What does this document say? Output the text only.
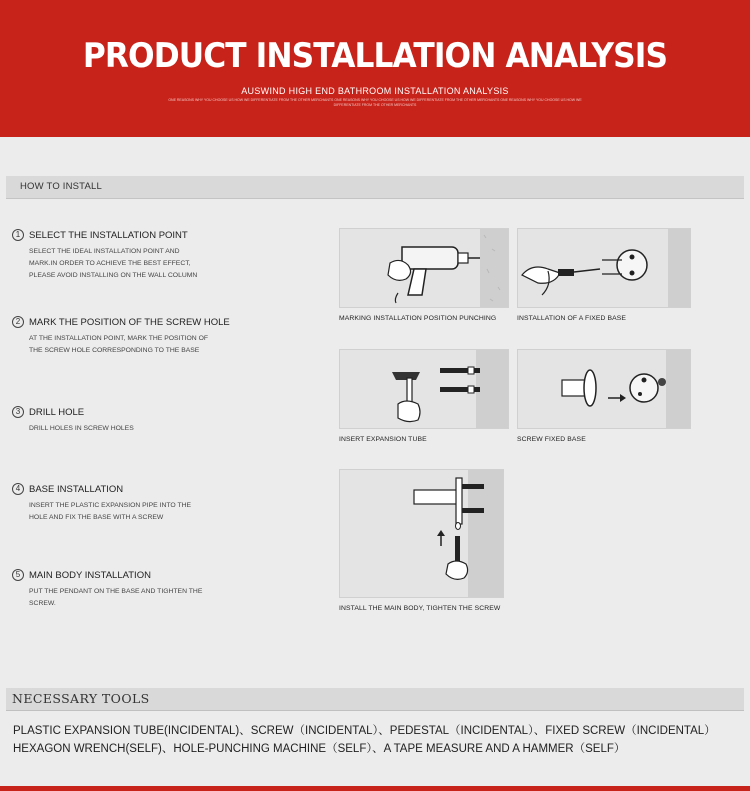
PRODUCT INSTALLATION ANALYSIS
AUSWIND HIGH END BATHROOM INSTALLATION ANALYSIS
ONE REASONS WHY YOU CHOOSE US HOW WE DIFFERENTIATE FROM THE OTHER MERCHANTS ONE REASONS WHY YOU CHOOSE US HOW WE DIFFERENTIATE FROM THE OTHER MERCHANTS ONE REASONS WHY YOU CHOOSE US HOW WE DIFFERENTIATE FROM THE OTHER MERCHANTS
HOW TO INSTALL
1 SELECT THE INSTALLATION POINT
SELECT THE IDEAL INSTALLATION POINT AND MARK.IN ORDER TO ACHIEVE THE BEST EFFECT, PLEASE AVOID INSTALLING ON THE WALL COLUMN
2 MARK THE POSITION OF THE SCREW HOLE
AT THE INSTALLATION POINT, MARK THE POSITION OF THE SCREW HOLE CORRESPONDING TO THE BASE
3 DRILL HOLE
DRILL HOLES IN SCREW HOLES
4 BASE INSTALLATION
INSERT THE PLASTIC EXPANSION PIPE INTO THE HOLE AND FIX THE BASE WITH A SCREW
5 MAIN BODY INSTALLATION
PUT THE PENDANT ON THE BASE AND TIGHTEN THE SCREW.
MARKING INSTALLATION POSITION PUNCHING	INSTALLATION OF A FIXED BASE
INSERT EXPANSION TUBE	SCREW FIXED BASE
INSTALL THE MAIN BODY, TIGHTEN THE SCREW
NECESSARY TOOLS
PLASTIC EXPANSION TUBE(INCIDENTAL)、SCREW（INCIDENTAL）、PEDESTAL（INCIDENTAL）、FIXED SCREW（INCIDENTAL）
HEXAGON WRENCH(SELF)、HOLE-PUNCHING MACHINE（SELF）、A TAPE MEASURE AND A HAMMER（SELF）
